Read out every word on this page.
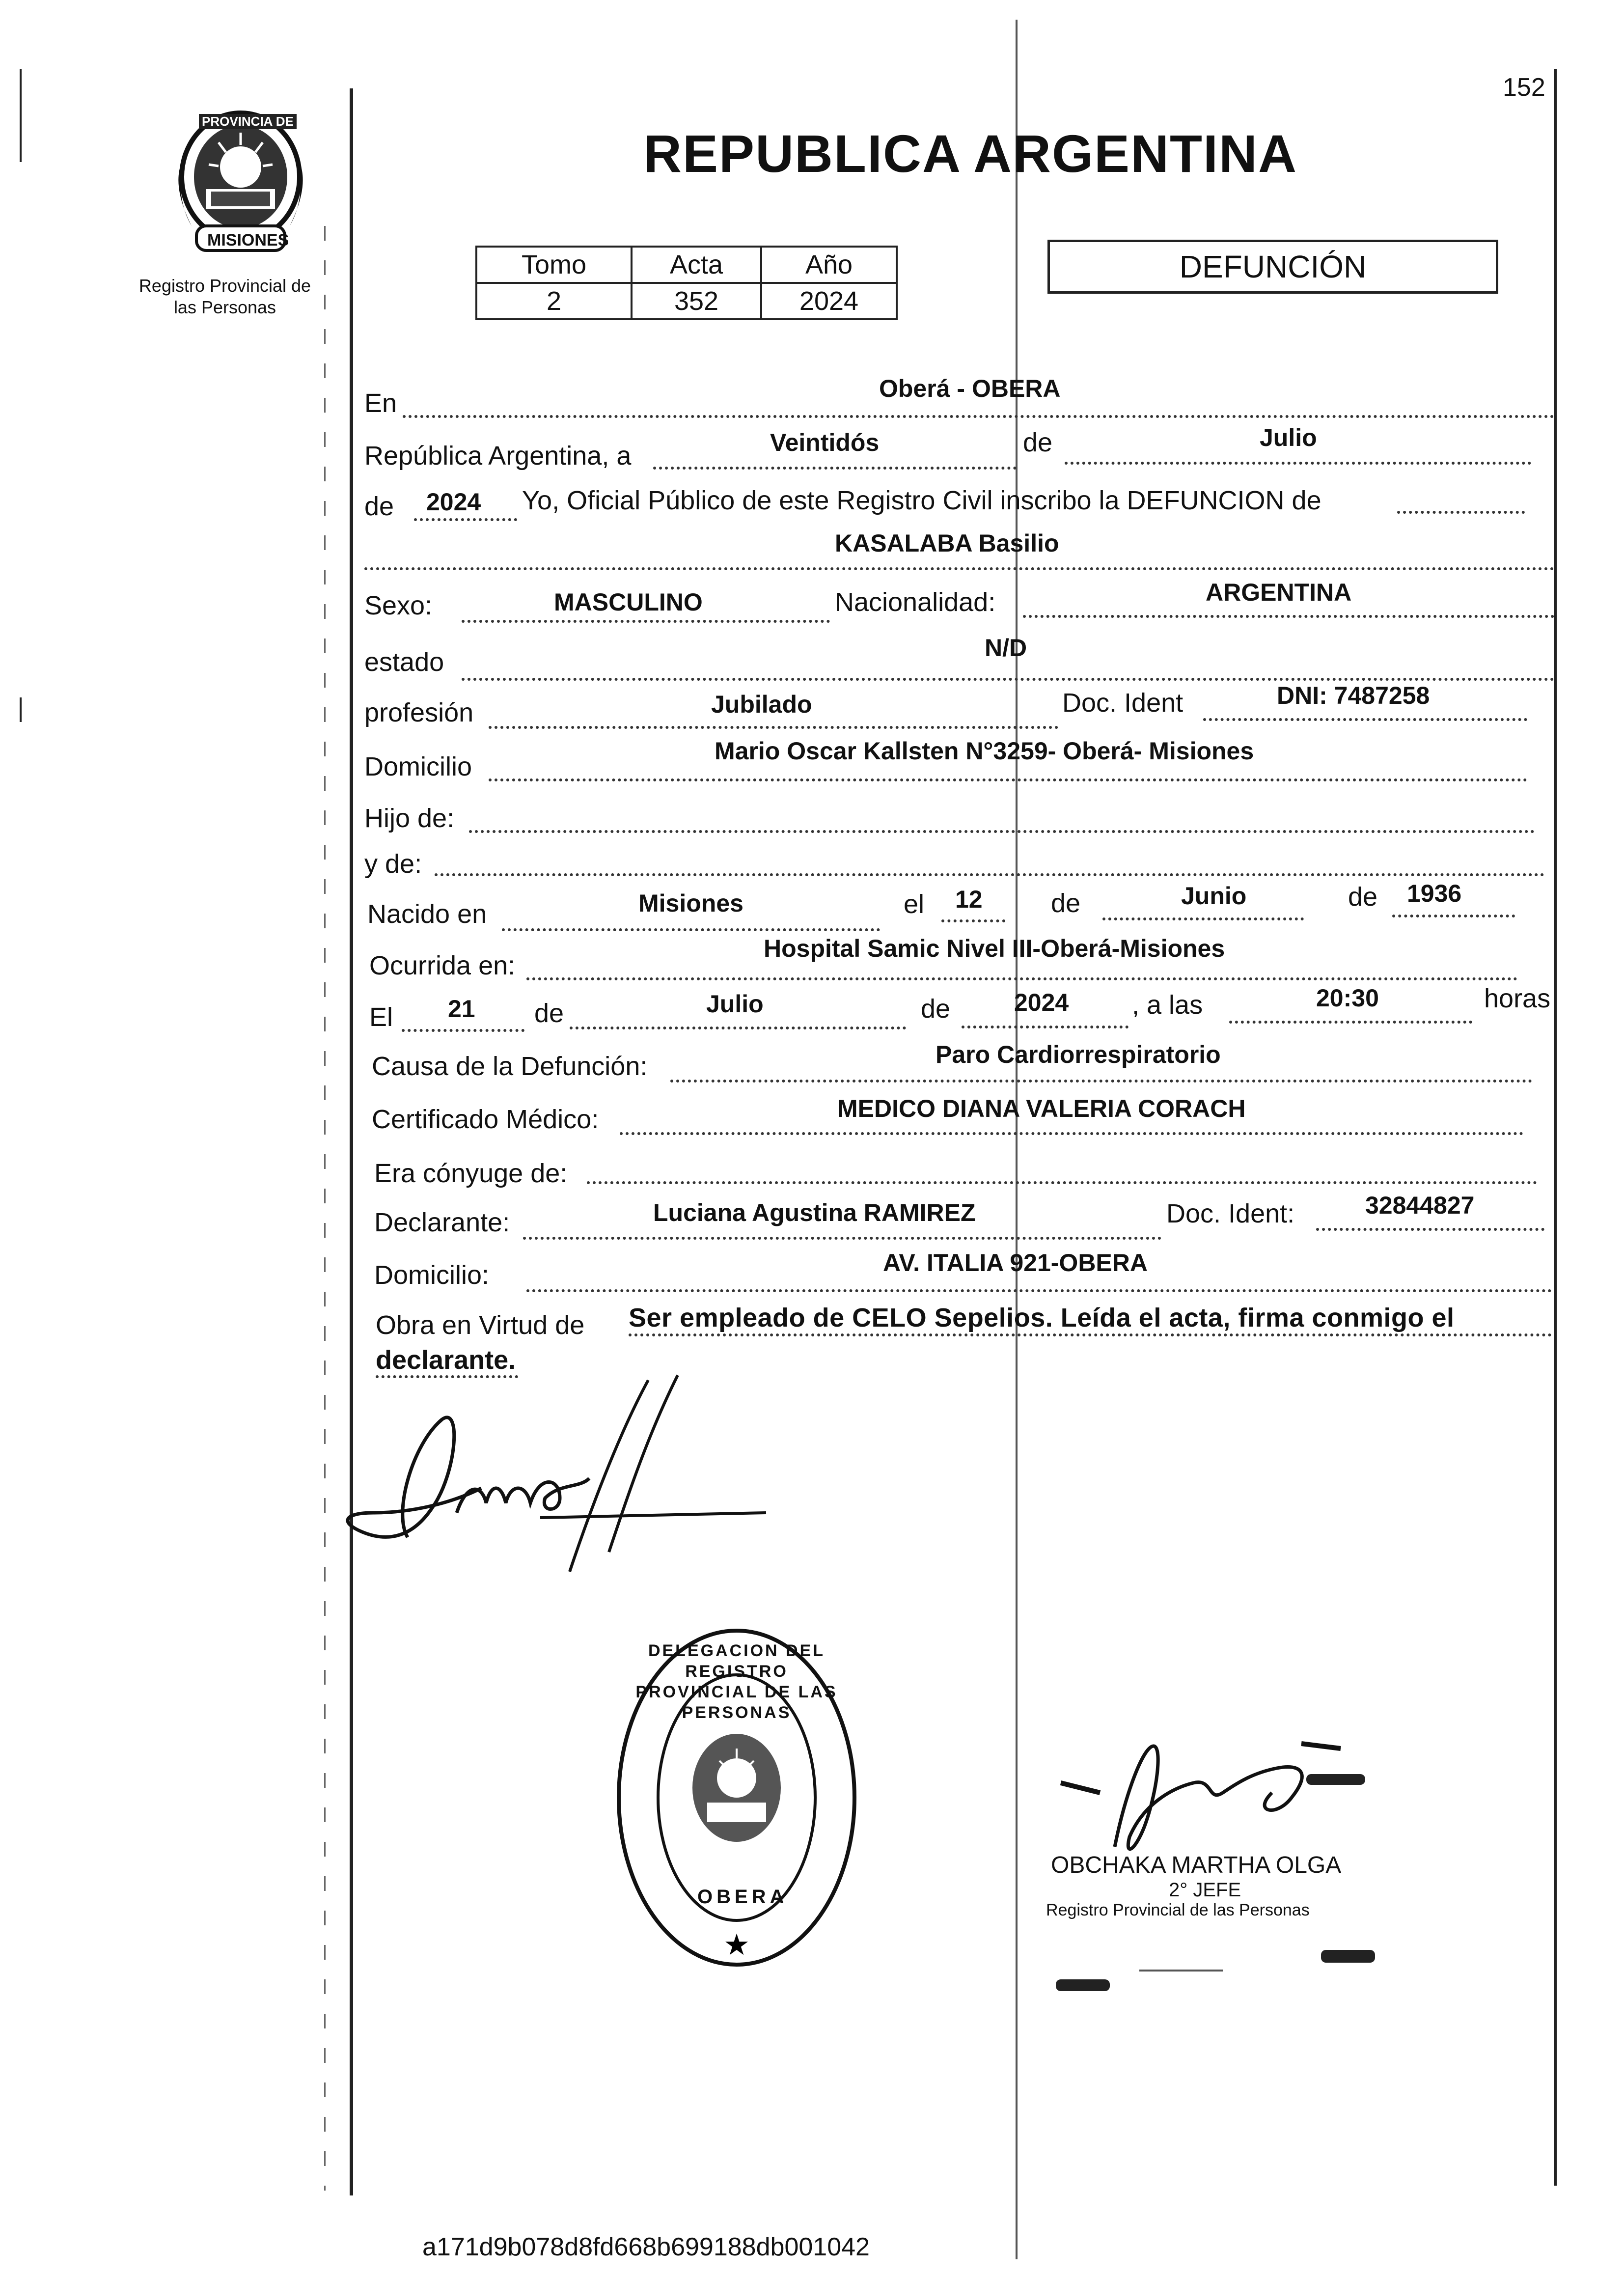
152
PROVINCIA DE
MISIONES
Registro Provincial de
las Personas
REPUBLICA ARGENTINA
Tomo	Acta	Año
2	352	2024
DEFUNCIÓN
En	Oberá - OBERA
República Argentina, a	Veintidós	de	Julio
de 2024 Yo, Oficial Público de este Registro Civil inscribo la DEFUNCION de
KASALABA Basilio
Sexo:	MASCULINO	Nacionalidad:	ARGENTINA
estado	N/D
profesión	Jubilado	Doc. Ident	DNI: 7487258
Domicilio
Mario Oscar Kallsten N°3259- Oberá- Misiones
Hijo de:
y de:
Nacido en	Misiones	el 12	de	Junio	de 1936
Ocurrida en:
Hospital Samic Nivel III-Oberá-Misiones
El 21 de	Julio	de	2024 , a las	20:30	horas
Causa de la Defunción:	Paro Cardiorrespiratorio
Certificado Médico:	MEDICO DIANA VALERIA CORACH
Era cónyuge de:
Declarante:	Luciana Agustina RAMIREZ	Doc. Ident:	32844827
Domicilio:	AV. ITALIA 921-OBERA
Obra en Virtud de Ser empleado de CELO Sepelios. Leída el acta, firma conmigo el
declarante.
★
DELEGACION DEL REGISTRO PROVINCIAL DE LAS PERSONAS
OBERA
OBCHAKA MARTHA OLGA
2° JEFE
Registro Provincial de las Personas
a171d9b078d8fd668b699188db001042
